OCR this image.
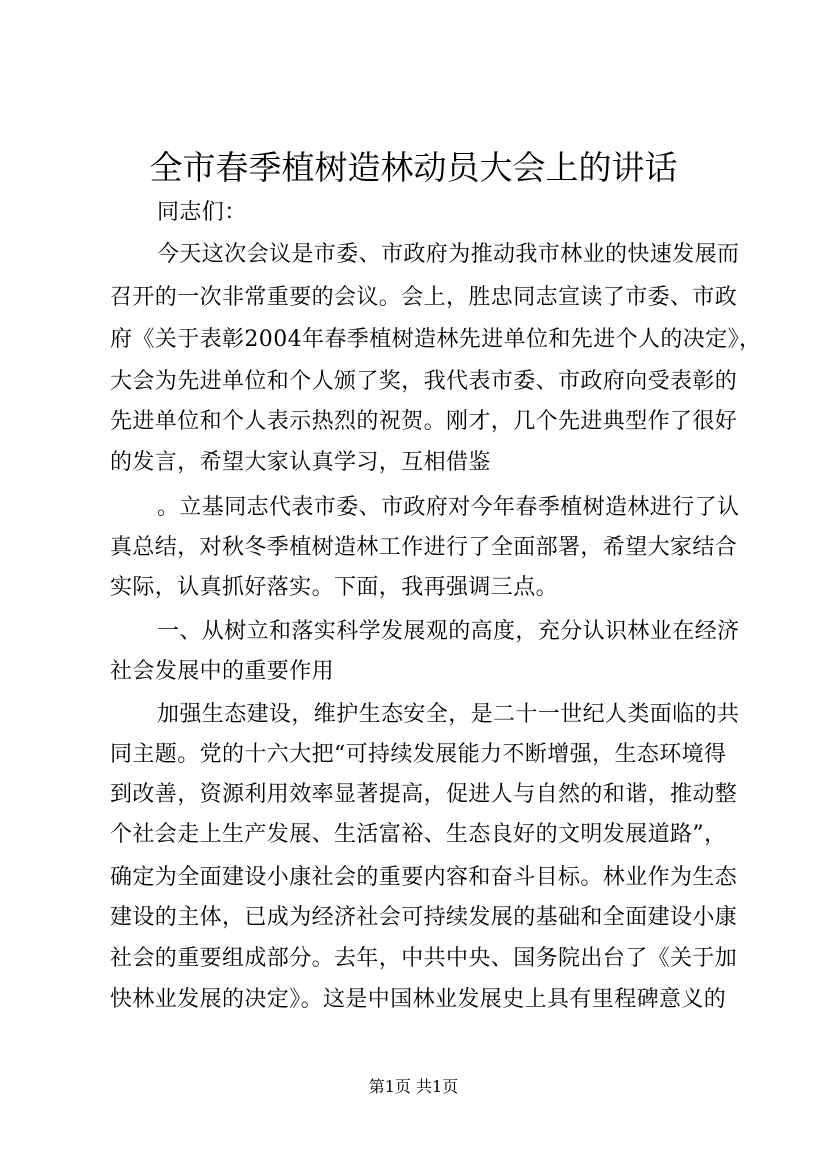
全市春季植树造林动员大会上的讲话
同志们：
今天这次会议是市委、市政府为推动我市林业的快速发展而
召开的一次非常重要的会议。会上，胜忠同志宣读了市委、市政
府《关于表彰2004年春季植树造林先进单位和先进个人的决定》，
大会为先进单位和个人颁了奖，我代表市委、市政府向受表彰的
先进单位和个人表示热烈的祝贺。刚才，几个先进典型作了很好
的发言，希望大家认真学习，互相借鉴
。立基同志代表市委、市政府对今年春季植树造林进行了认
真总结，对秋冬季植树造林工作进行了全面部署，希望大家结合
实际，认真抓好落实。下面，我再强调三点。
一、从树立和落实科学发展观的高度，充分认识林业在经济
社会发展中的重要作用
加强生态建设，维护生态安全，是二十一世纪人类面临的共
同主题。党的十六大把“可持续发展能力不断增强，生态环境得
到改善，资源利用效率显著提高，促进人与自然的和谐，推动整
个社会走上生产发展、生活富裕、生态良好的文明发展道路”，
确定为全面建设小康社会的重要内容和奋斗目标。林业作为生态
建设的主体，已成为经济社会可持续发展的基础和全面建设小康
社会的重要组成部分。去年，中共中央、国务院出台了《关于加
快林业发展的决定》。这是中国林业发展史上具有里程碑意义的
第1页 共1页
